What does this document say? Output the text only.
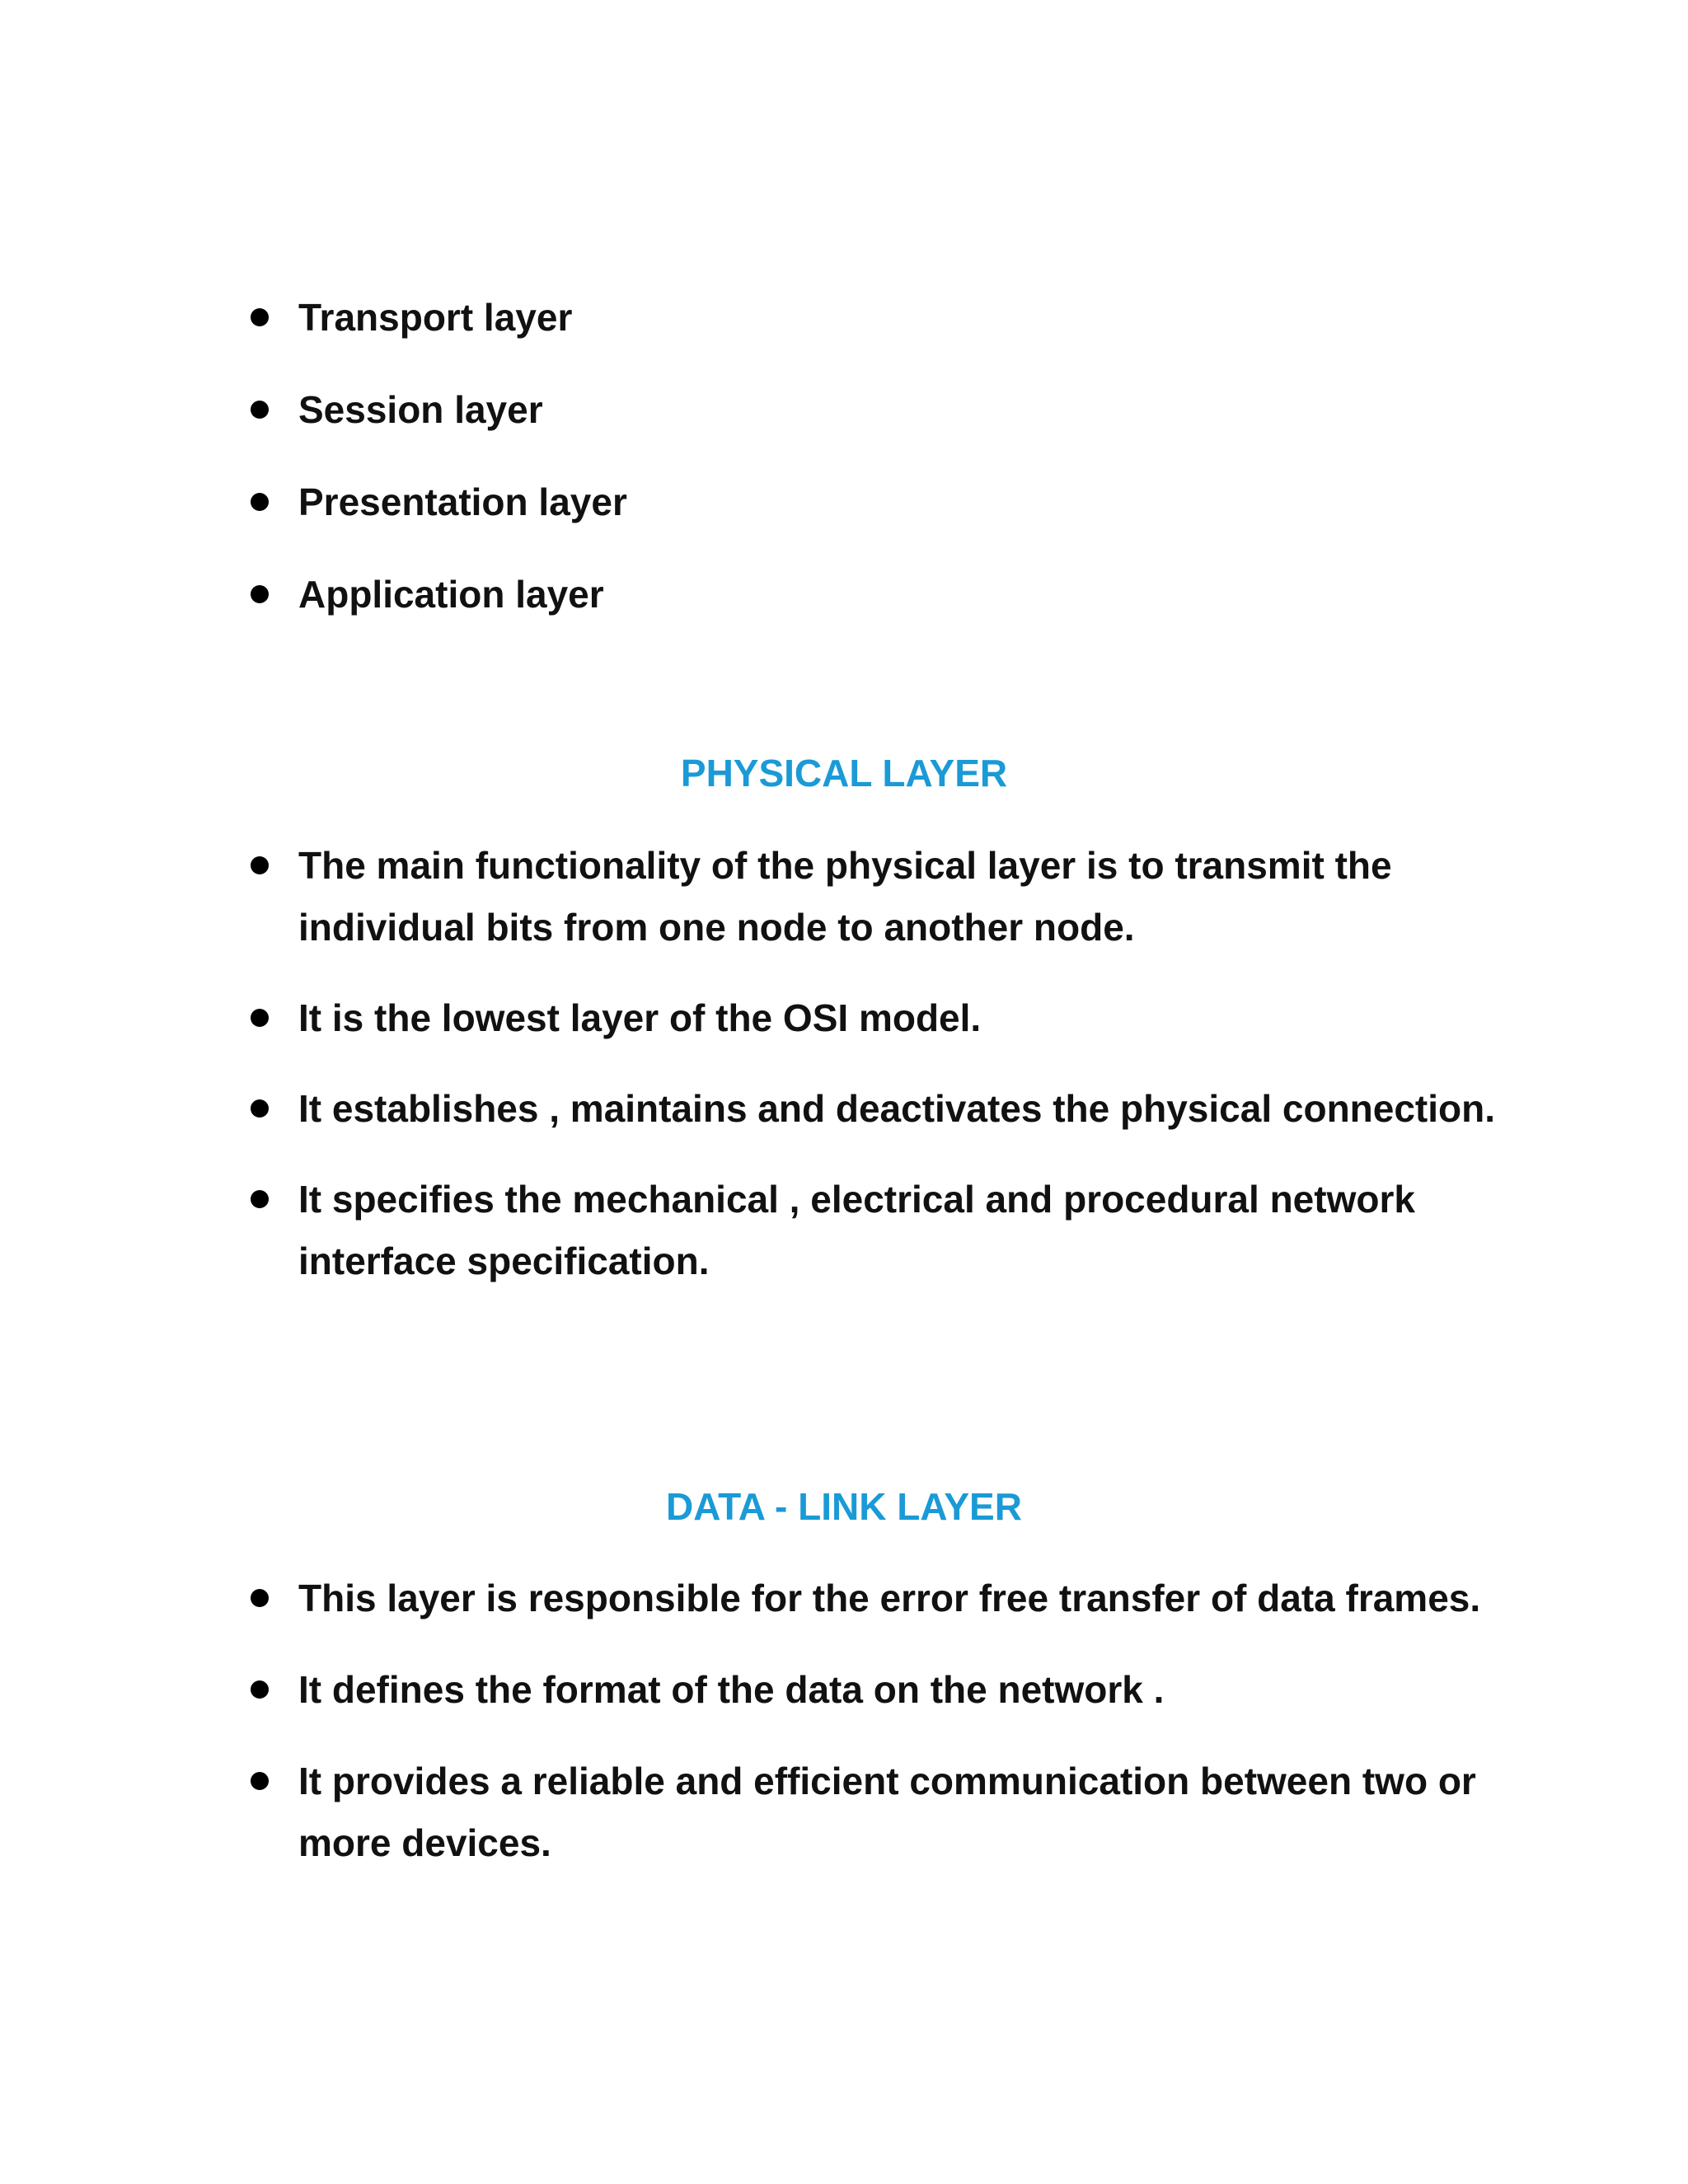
Transport layer
Session layer
Presentation layer
Application layer
PHYSICAL LAYER
The main functionality of the physical layer is to transmit the individual bits from one node to another node.
It is the lowest layer of the OSI model.
It establishes , maintains and deactivates the physical connection.
It specifies the mechanical , electrical and procedural network interface specification.
DATA - LINK LAYER
This layer is responsible for the error free transfer of data frames.
It defines the format of the data on the network .
It provides a reliable and efficient communication between two or more devices.
